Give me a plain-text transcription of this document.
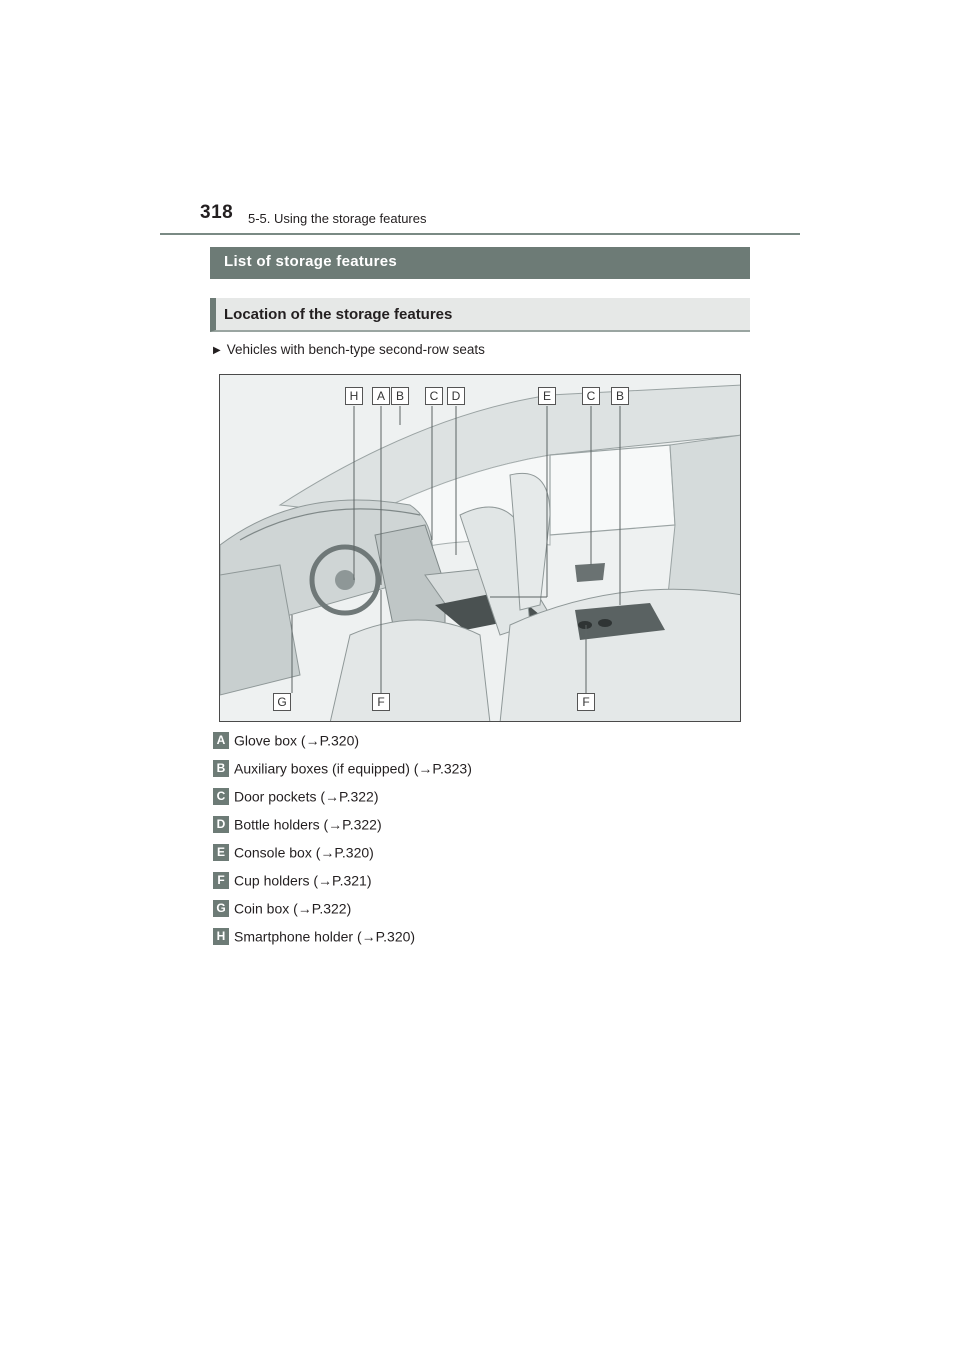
318 5-5. Using the storage features
List of storage features
Location of the storage features
▶ Vehicles with bench-type second-row seats
H	A B	C	D	E	C	B
G	F	F
A Glove box (→P.320)
B Auxiliary boxes (if equipped) (→P.323)
C Door pockets (→P.322)
D Bottle holders (→P.322)
E Console box (→P.320)
F Cup holders (→P.321)
G Coin box (→P.322)
H Smartphone holder (→P.320)
